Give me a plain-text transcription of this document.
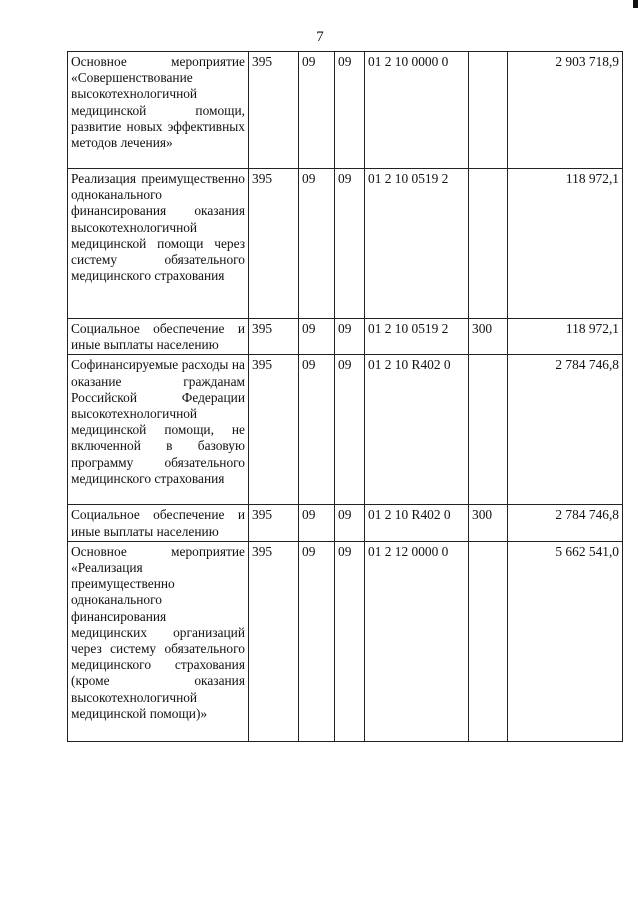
7
Основное мероприятие «Совершенствование высокотехнологичной медицинской помощи, развитие новых эффективных методов лечения»	395	09	09	01 2 10 0000 0		2 903 718,9
Реализация преимущественно одноканального финансирования оказания высокотехнологичной медицинской помощи через систему обязательного медицинского страхования	395	09	09	01 2 10 0519 2		118 972,1
Социальное обеспечение и иные выплаты населению	395	09	09	01 2 10 0519 2	300	118 972,1
Софинансируемые расходы на оказание гражданам Российской Федерации высокотехнологичной медицинской помощи, не включенной в базовую программу обязательного медицинского страхования	395	09	09	01 2 10 R402 0		2 784 746,8
Социальное обеспечение и иные выплаты населению	395	09	09	01 2 10 R402 0	300	2 784 746,8
Основное мероприятие «Реализация преимущественно одноканального финансирования медицинских организаций через систему обязательного медицинского страхования (кроме оказания высокотехнологичной медицинской помощи)»	395	09	09	01 2 12 0000 0		5 662 541,0
